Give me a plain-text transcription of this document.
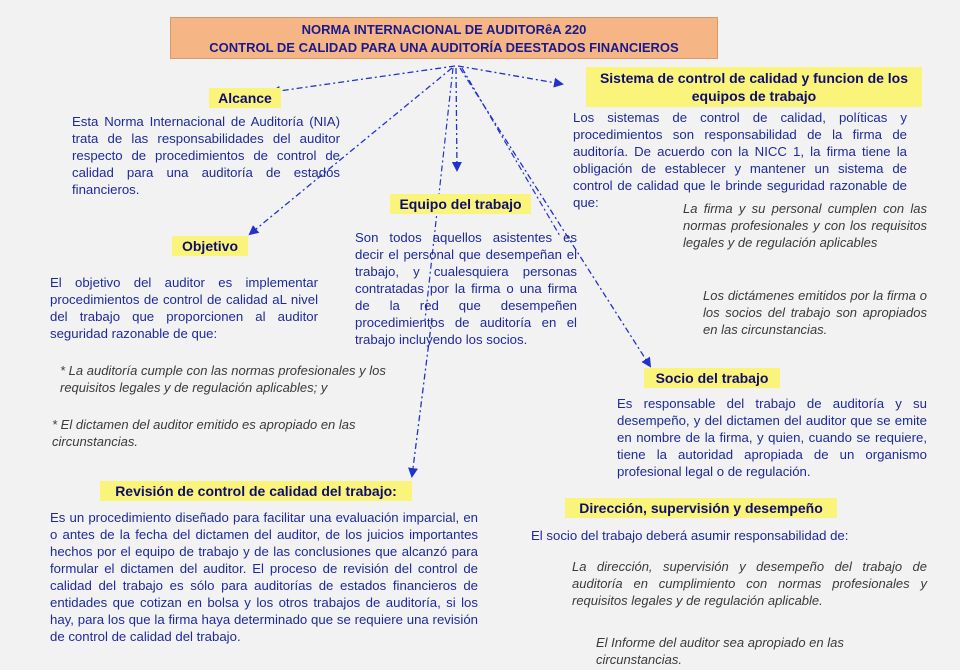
NORMA INTERNACIONAL DE AUDITORêA 220
CONTROL DE CALIDAD PARA UNA AUDITORÍA DEESTADOS FINANCIEROS
Alcance
Esta Norma Internacional de Auditoría (NIA) trata de las responsabilidades del auditor respecto de procedimientos de control de calidad para una auditoría de estados financieros.
Sistema de control de calidad y funcion de los equipos de trabajo
Los sistemas de control de calidad, políticas y procedimientos son responsabilidad de la firma de auditoría. De acuerdo con la NICC 1, la firma tiene la obligación de establecer y mantener un sistema de control de calidad que le brinde seguridad razonable de que:	La firma y su personal cumplen con las normas profesionales y con los requisitos legales y de regulación aplicables
Los dictámenes emitidos por la firma o los socios del trabajo son apropiados en las circunstancias.
Equipo del trabajo
Son todos aquellos asistentes es decir el personal que desempeñan el trabajo, y cualesquiera personas contratadas por la firma o una firma de la red que desempeñen procedimientos de auditoría en el trabajo incluyendo los socios.
Objetivo
El objetivo del auditor es implementar procedimientos de control de calidad aL nivel del trabajo que proporcionen al auditor seguridad razonable de que:
* La auditoría cumple con las normas profesionales y los requisitos legales y de regulación aplicables; y
* El dictamen del auditor emitido es apropiado en las circunstancias.
Socio del trabajo
Es responsable del trabajo de auditoría y su desempeño, y del dictamen del auditor que se emite en nombre de la firma, y quien, cuando se requiere, tiene la autoridad apropiada de un organismo profesional legal o de regulación.
Revisión de control de calidad del trabajo:
Es un procedimiento diseñado para facilitar una evaluación imparcial, en o antes de la fecha del dictamen del auditor, de los juicios importantes hechos por el equipo de trabajo y de las conclusiones que alcanzó para formular el dictamen del auditor. El proceso de revisión del control de calidad del trabajo es sólo para auditorías de estados financieros de entidades que cotizan en bolsa y los otros trabajos de auditoría, si los hay, para los que la firma haya determinado que se requiere una revisión de control de calidad del trabajo.
Dirección, supervisión y desempeño
El socio del trabajo deberá asumir responsabilidad de:
La dirección, supervisión y desempeño del trabajo de auditoría en cumplimiento con normas profesionales y requisitos legales y de regulación aplicable.
El Informe del auditor sea apropiado en las circunstancias.
